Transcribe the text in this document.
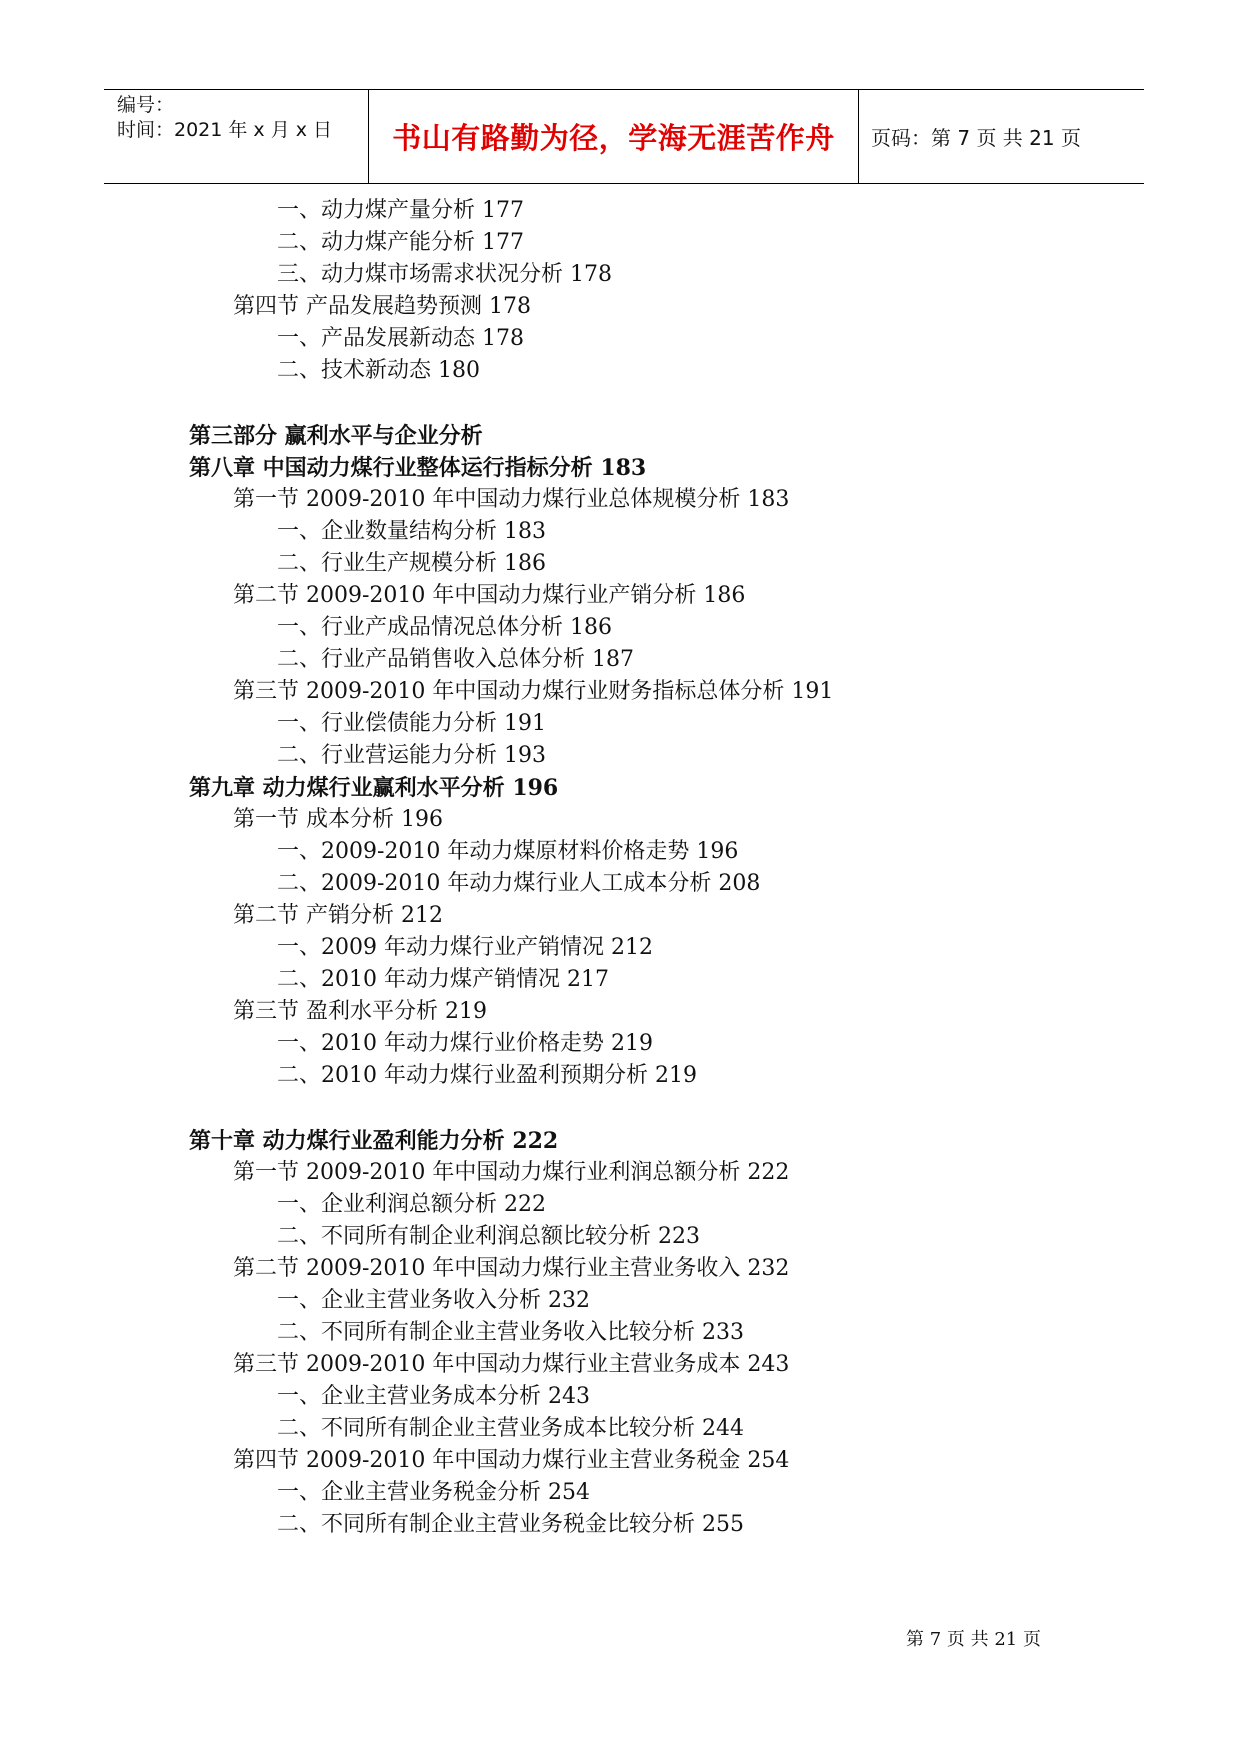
编号：
时间：2021 年 x 月 x 日	书山有路勤为径，学海无涯苦作舟	页码：第 7 页 共 21 页
一、动力煤产量分析 177
二、动力煤产能分析 177
三、动力煤市场需求状况分析 178
第四节 产品发展趋势预测 178
一、产品发展新动态 178
二、技术新动态 180
第三部分 赢利水平与企业分析
第八章 中国动力煤行业整体运行指标分析 183
第一节 2009-2010 年中国动力煤行业总体规模分析 183
一、企业数量结构分析 183
二、行业生产规模分析 186
第二节 2009-2010 年中国动力煤行业产销分析 186
一、行业产成品情况总体分析 186
二、行业产品销售收入总体分析 187
第三节 2009-2010 年中国动力煤行业财务指标总体分析 191
一、行业偿债能力分析 191
二、行业营运能力分析 193
第九章 动力煤行业赢利水平分析 196
第一节 成本分析 196
一、2009-2010 年动力煤原材料价格走势 196
二、2009-2010 年动力煤行业人工成本分析 208
第二节 产销分析 212
一、2009 年动力煤行业产销情况 212
二、2010 年动力煤产销情况 217
第三节 盈利水平分析 219
一、2010 年动力煤行业价格走势 219
二、2010 年动力煤行业盈利预期分析 219
第十章 动力煤行业盈利能力分析 222
第一节 2009-2010 年中国动力煤行业利润总额分析 222
一、企业利润总额分析 222
二、不同所有制企业利润总额比较分析 223
第二节 2009-2010 年中国动力煤行业主营业务收入 232
一、企业主营业务收入分析 232
二、不同所有制企业主营业务收入比较分析 233
第三节 2009-2010 年中国动力煤行业主营业务成本 243
一、企业主营业务成本分析 243
二、不同所有制企业主营业务成本比较分析 244
第四节 2009-2010 年中国动力煤行业主营业务税金 254
一、企业主营业务税金分析 254
二、不同所有制企业主营业务税金比较分析 255
第 7 页 共 21 页
